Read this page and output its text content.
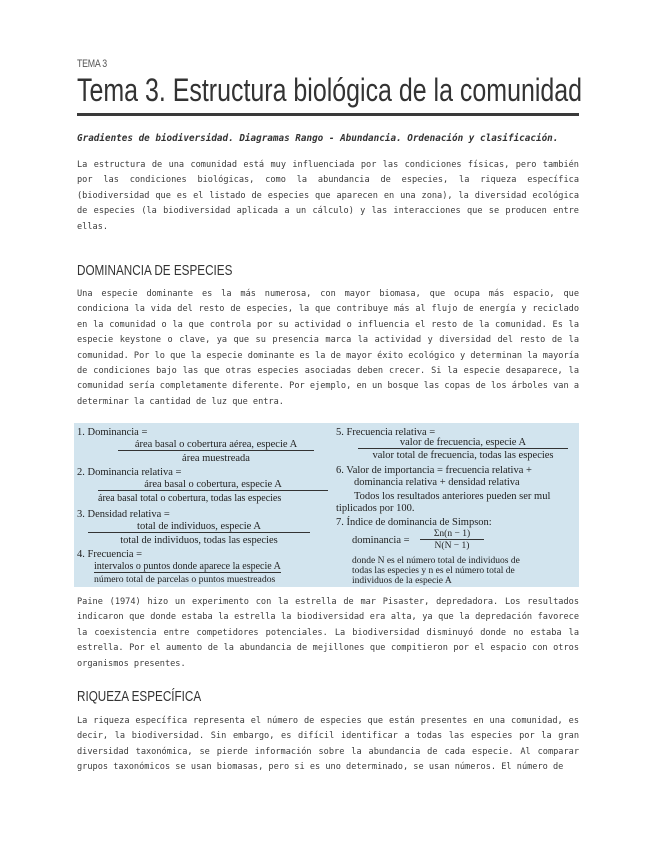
TEMA 3
Tema 3. Estructura biológica de la comunidad
Gradientes de biodiversidad. Diagramas Rango - Abundancia. Ordenación y clasificación.
La estructura de una comunidad está muy influenciada por las condiciones físicas, pero también por las condiciones biológicas, como la abundancia de especies, la riqueza específica (biodiversidad que es el listado de especies que aparecen en una zona), la diversidad ecológica de especies (la biodiversidad aplicada a un cálculo) y las interacciones que se producen entre ellas.
DOMINANCIA DE ESPECIES
Una especie dominante es la más numerosa, con mayor biomasa, que ocupa más espacio, que condiciona la vida del resto de especies, la que contribuye más al flujo de energía y reciclado en la comunidad o la que controla por su actividad o influencia el resto de la comunidad. Es la especie keystone o clave, ya que su presencia marca la actividad y diversidad del resto de la comunidad. Por lo que la especie dominante es la de mayor éxito ecológico y determinan la mayoría de condiciones bajo las que otras especies asociadas deben crecer. Si la especie desaparece, la comunidad sería completamente diferente. Por ejemplo, en un bosque las copas de los árboles van a determinar la cantidad de luz que entra.
1. Dominancia =
área basal o cobertura aérea, especie A
área muestreada
2. Dominancia relativa =
área basal o cobertura, especie A
área basal total o cobertura, todas las especies
3. Densidad relativa =
total de individuos, especie A
total de individuos, todas las especies
4. Frecuencia =
intervalos o puntos donde aparece la especie A
número total de parcelas o puntos muestreados
5. Frecuencia relativa =
valor de frecuencia, especie A
valor total de frecuencia, todas las especies
6. Valor de importancia = frecuencia relativa +
dominancia relativa + densidad relativa
Todos los resultados anteriores pueden ser mul
tiplicados por 100.
7. Índice de dominancia de Simpson:
dominancia =
Σn(n − 1)
N(N − 1)
donde N es el número total de individuos de
todas las especies y n es el número total de
individuos de la especie A
Paine (1974) hizo un experimento con la estrella de mar Pisaster, depredadora. Los resultados indicaron que donde estaba la estrella la biodiversidad era alta, ya que la depredación favorece la coexistencia entre competidores potenciales. La biodiversidad disminuyó donde no estaba la estrella. Por el aumento de la abundancia de mejillones que compitieron por el espacio con otros organismos presentes.
RIQUEZA ESPECÍFICA
La riqueza específica representa el número de especies que están presentes en una comunidad, es decir, la biodiversidad. Sin embargo, es difícil identificar a todas las especies por la gran diversidad taxonómica, se pierde información sobre la abundancia de cada especie. Al comparar grupos taxonómicos se usan biomasas, pero si es uno determinado, se usan números. El número de
